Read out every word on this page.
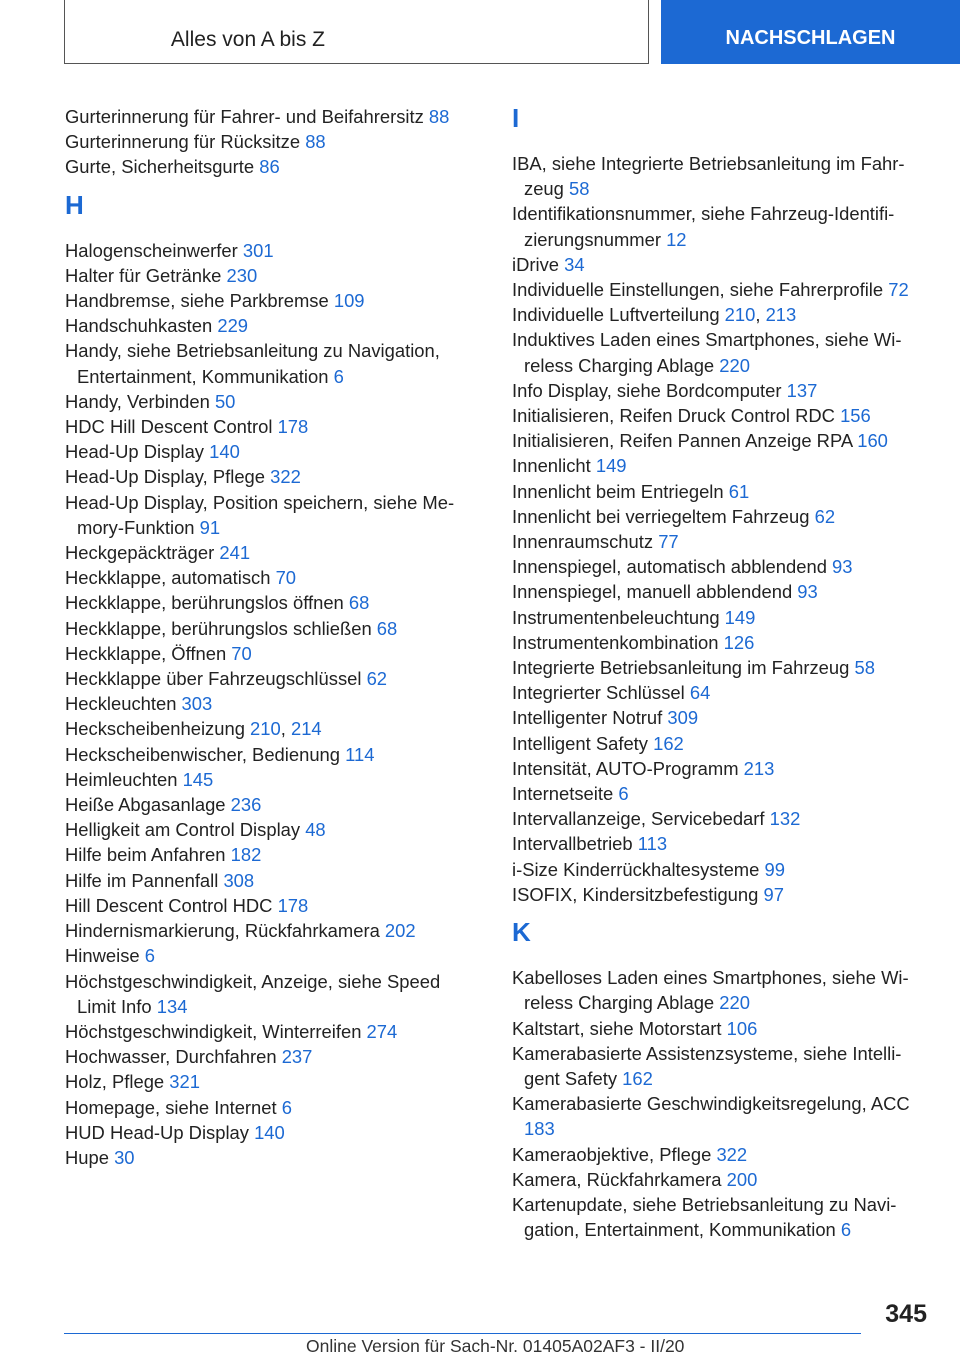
Alles von A bis Z	NACHSCHLAGEN
Gurterinnerung für Fahrer- und Beifahrersitz 88
Gurterinnerung für Rücksitze 88
Gurte, Sicherheitsgurte 86
H
Halogenscheinwerfer 301
Halter für Getränke 230
Handbremse, siehe Parkbremse 109
Handschuhkasten 229
Handy, siehe Betriebsanleitung zu Navigation, Entertainment, Kommunikation 6
Handy, Verbinden 50
HDC Hill Descent Control 178
Head-Up Display 140
Head-Up Display, Pflege 322
Head-Up Display, Position speichern, siehe Me‐mory-Funktion 91
Heckgepäckträger 241
Heckklappe, automatisch 70
Heckklappe, berührungslos öffnen 68
Heckklappe, berührungslos schließen 68
Heckklappe, Öffnen 70
Heckklappe über Fahrzeugschlüssel 62
Heckleuchten 303
Heckscheibenheizung 210, 214
Heckscheibenwischer, Bedienung 114
Heimleuchten 145
Heiße Abgasanlage 236
Helligkeit am Control Display 48
Hilfe beim Anfahren 182
Hilfe im Pannenfall 308
Hill Descent Control HDC 178
Hindernismarkierung, Rückfahrkamera 202
Hinweise 6
Höchstgeschwindigkeit, Anzeige, siehe Speed Limit Info 134
Höchstgeschwindigkeit, Winterreifen 274
Hochwasser, Durchfahren 237
Holz, Pflege 321
Homepage, siehe Internet 6
HUD Head-Up Display 140
Hupe 30
I
IBA, siehe Integrierte Betriebsanleitung im Fahr‐zeug 58
Identifikationsnummer, siehe Fahrzeug-Identifi‐zierungsnummer 12
iDrive 34
Individuelle Einstellungen, siehe Fahrerprofile 72
Individuelle Luftverteilung 210, 213
Induktives Laden eines Smartphones, siehe Wi‐reless Charging Ablage 220
Info Display, siehe Bordcomputer 137
Initialisieren, Reifen Druck Control RDC 156
Initialisieren, Reifen Pannen Anzeige RPA 160
Innenlicht 149
Innenlicht beim Entriegeln 61
Innenlicht bei verriegeltem Fahrzeug 62
Innenraumschutz 77
Innenspiegel, automatisch abblendend 93
Innenspiegel, manuell abblendend 93
Instrumentenbeleuchtung 149
Instrumentenkombination 126
Integrierte Betriebsanleitung im Fahrzeug 58
Integrierter Schlüssel 64
Intelligenter Notruf 309
Intelligent Safety 162
Intensität, AUTO-Programm 213
Internetseite 6
Intervallanzeige, Servicebedarf 132
Intervallbetrieb 113
i-Size Kinderrückhaltesysteme 99
ISOFIX, Kindersitzbefestigung 97
K
Kabelloses Laden eines Smartphones, siehe Wi‐reless Charging Ablage 220
Kaltstart, siehe Motorstart 106
Kamerabasierte Assistenzsysteme, siehe Intelli‐gent Safety 162
Kamerabasierte Geschwindigkeitsregelung, ACC 183
Kameraobjektive, Pflege 322
Kamera, Rückfahrkamera 200
Kartenupdate, siehe Betriebsanleitung zu Navi‐gation, Entertainment, Kommunikation 6
345
Online Version für Sach-Nr. 01405A02AF3 - II/20
